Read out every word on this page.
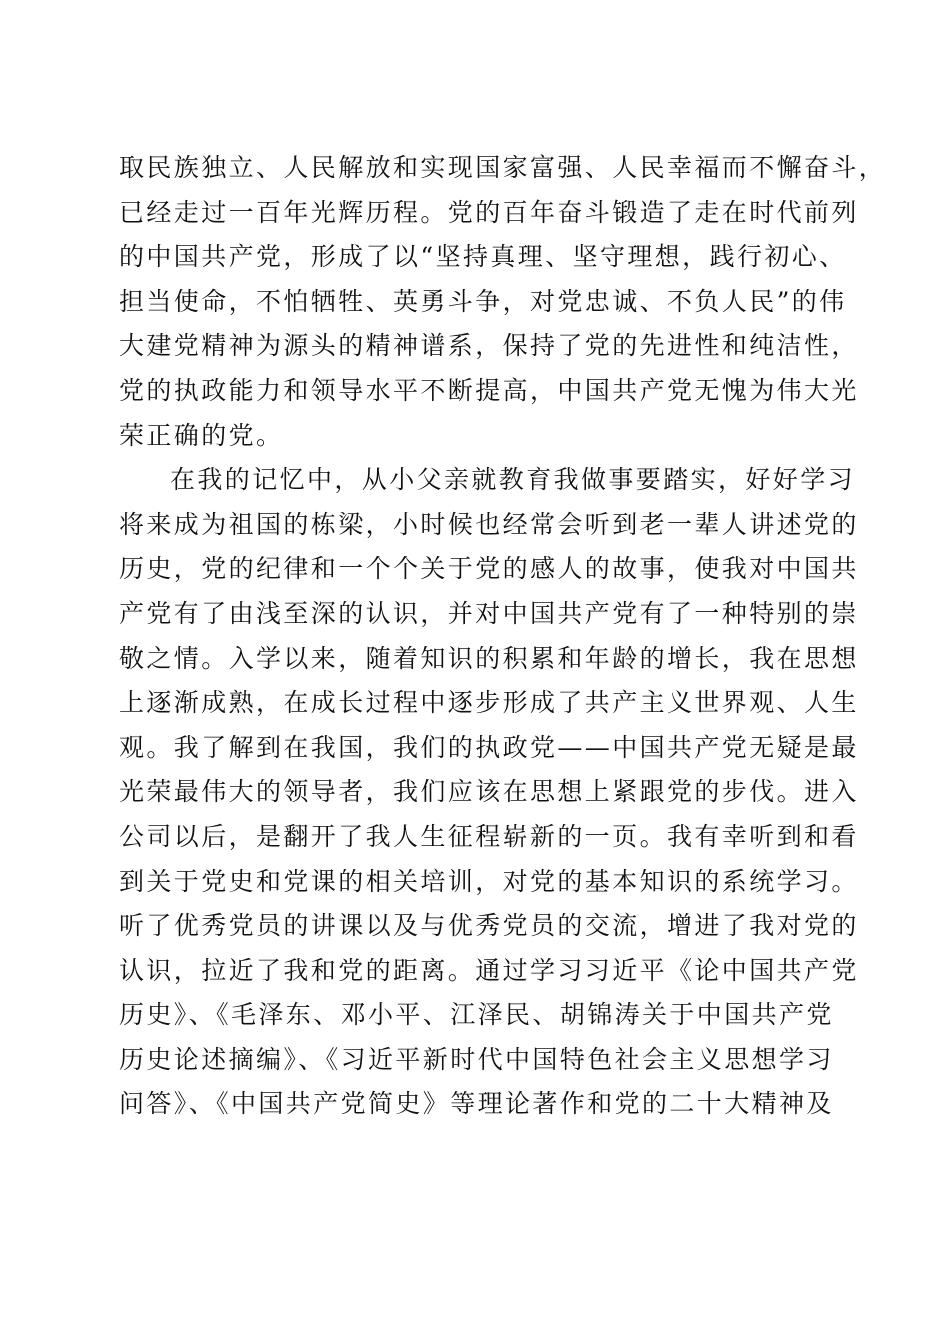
取民族独立、人民解放和实现国家富强、人民幸福而不懈奋斗，
已经走过一百年光辉历程。党的百年奋斗锻造了走在时代前列
的中国共产党，形成了以“坚持真理、坚守理想，践行初心、
担当使命，不怕牺牲、英勇斗争，对党忠诚、不负人民”的伟
大建党精神为源头的精神谱系，保持了党的先进性和纯洁性，
党的执政能力和领导水平不断提高，中国共产党无愧为伟大光
荣正确的党。
在我的记忆中，从小父亲就教育我做事要踏实，好好学习
将来成为祖国的栋梁，小时候也经常会听到老一辈人讲述党的
历史，党的纪律和一个个关于党的感人的故事，使我对中国共
产党有了由浅至深的认识，并对中国共产党有了一种特别的崇
敬之情。入学以来，随着知识的积累和年龄的增长，我在思想
上逐渐成熟，在成长过程中逐步形成了共产主义世界观、人生
观。我了解到在我国，我们的执政党——中国共产党无疑是最
光荣最伟大的领导者，我们应该在思想上紧跟党的步伐。进入
公司以后，是翻开了我人生征程崭新的一页。我有幸听到和看
到关于党史和党课的相关培训，对党的基本知识的系统学习。
听了优秀党员的讲课以及与优秀党员的交流，增进了我对党的
认识，拉近了我和党的距离。通过学习习近平《论中国共产党
历史》、《毛泽东、邓小平、江泽民、胡锦涛关于中国共产党
历史论述摘编》、《习近平新时代中国特色社会主义思想学习
问答》、《中国共产党简史》等理论著作和党的二十大精神及
